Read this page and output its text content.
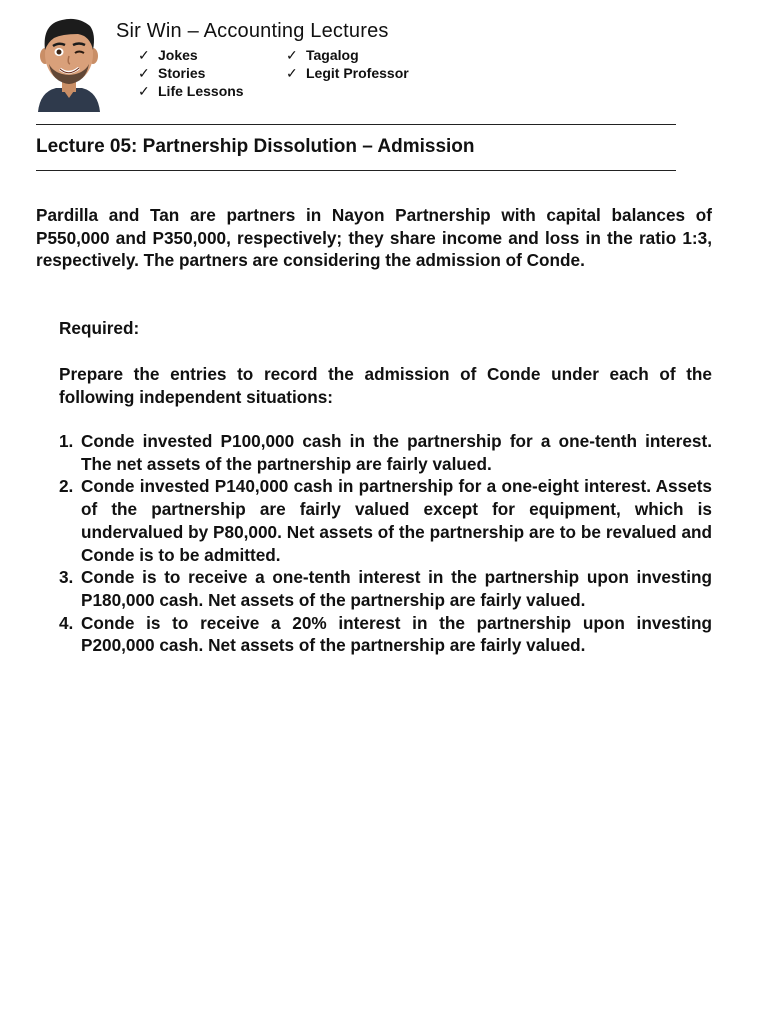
Sir Win – Accounting Lectures
✓ Jokes
✓ Stories
✓ Life Lessons
✓ Tagalog
✓ Legit Professor
Lecture 05: Partnership Dissolution – Admission

Pardilla and Tan are partners in Nayon Partnership with capital balances of P550,000 and P350,000, respectively; they share income and loss in the ratio 1:3, respectively. The partners are considering the admission of Conde.

Required:

Prepare the entries to record the admission of Conde under each of the following independent situations:

1. Conde invested P100,000 cash in the partnership for a one-tenth interest. The net assets of the partnership are fairly valued.
2. Conde invested P140,000 cash in partnership for a one-eight interest. Assets of the partnership are fairly valued except for equipment, which is undervalued by P80,000. Net assets of the partnership are to be revalued and Conde is to be admitted.
3. Conde is to receive a one-tenth interest in the partnership upon investing P180,000 cash. Net assets of the partnership are fairly valued.
4. Conde is to receive a 20% interest in the partnership upon investing P200,000 cash. Net assets of the partnership are fairly valued.
